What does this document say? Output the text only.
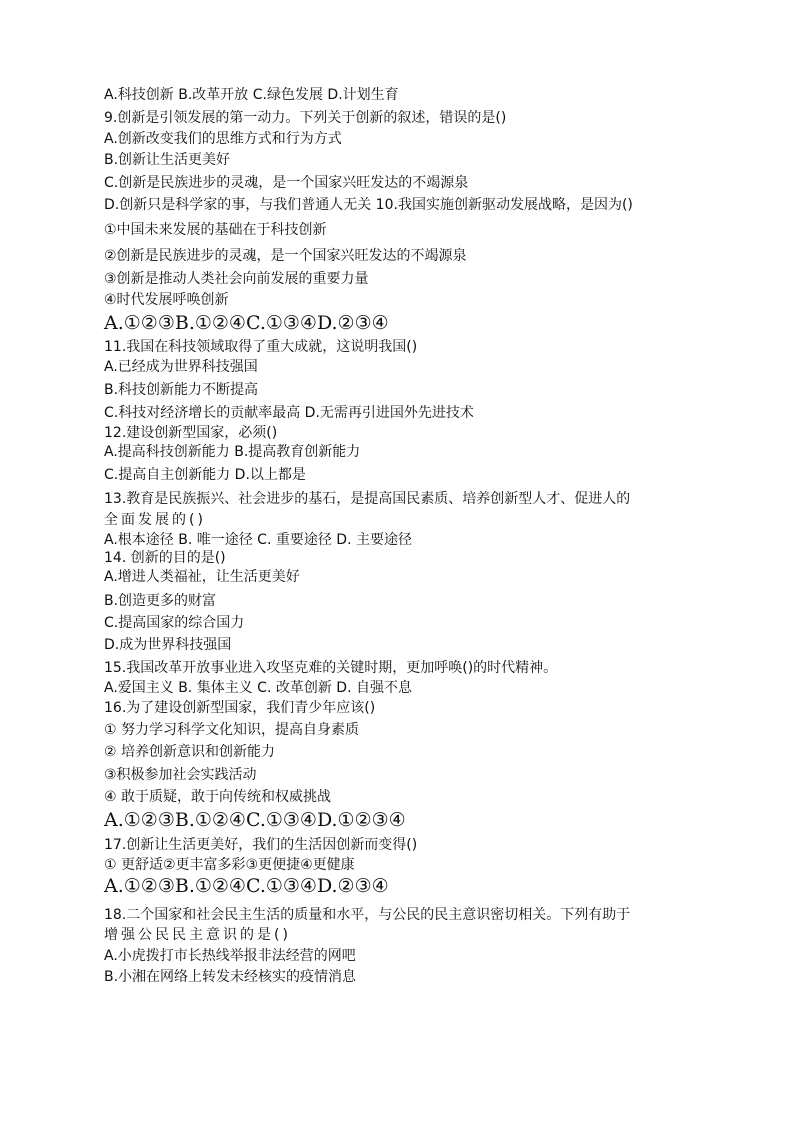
A.科技创新 B.改革开放 C.绿色发展 D.计划生育
9.创新是引领发展的第一动力。下列关于创新的叙述，错误的是()
A.创新改变我们的思维方式和行为方式
B.创新让生活更美好
C.创新是民族进步的灵魂，是一个国家兴旺发达的不竭源泉
D.创新只是科学家的事，与我们普通人无关 10.我国实施创新驱动发展战略，是因为()
①中国未来发展的基础在于科技创新
②创新是民族进步的灵魂，是一个国家兴旺发达的不竭源泉
③创新是推动人类社会向前发展的重要力量
④时代发展呼唤创新
A.①②③B.①②④C.①③④D.②③④
11.我国在科技领域取得了重大成就，这说明我国()
A.已经成为世界科技强国
B.科技创新能力不断提高
C.科技对经济增长的贡献率最高 D.无需再引进国外先进技术
12.建设创新型国家，必须()
A.提高科技创新能力 B.提高教育创新能力
C.提高自主创新能力 D.以上都是
13.教育是民族振兴、社会进步的基石，是提高国民素质、培养创新型人才、促进人的
全面发展的()
A.根本途径 B. 唯一途径 C. 重要途径 D. 主要途径
14. 创新的目的是()
A.增进人类福祉，让生活更美好
B.创造更多的财富
C.提高国家的综合国力
D.成为世界科技强国
15.我国改革开放事业进入攻坚克难的关键时期，更加呼唤()的时代精神。
A.爱国主义 B. 集体主义 C. 改革创新 D. 自强不息
16.为了建设创新型国家，我们青少年应该()
① 努力学习科学文化知识，提高自身素质
② 培养创新意识和创新能力
③积极参加社会实践活动
④ 敢于质疑，敢于向传统和权威挑战
A.①②③B.①②④C.①③④D.①②③④
17.创新让生活更美好，我们的生活因创新而变得()
① 更舒适②更丰富多彩③更便捷④更健康
A.①②③B.①②④C.①③④D.②③④
18.二个国家和社会民主生活的质量和水平，与公民的民主意识密切相关。下列有助于
增强公民民主意识的是()
A.小虎拨打市长热线举报非法经营的网吧
B.小湘在网络上转发未经核实的疫情消息
